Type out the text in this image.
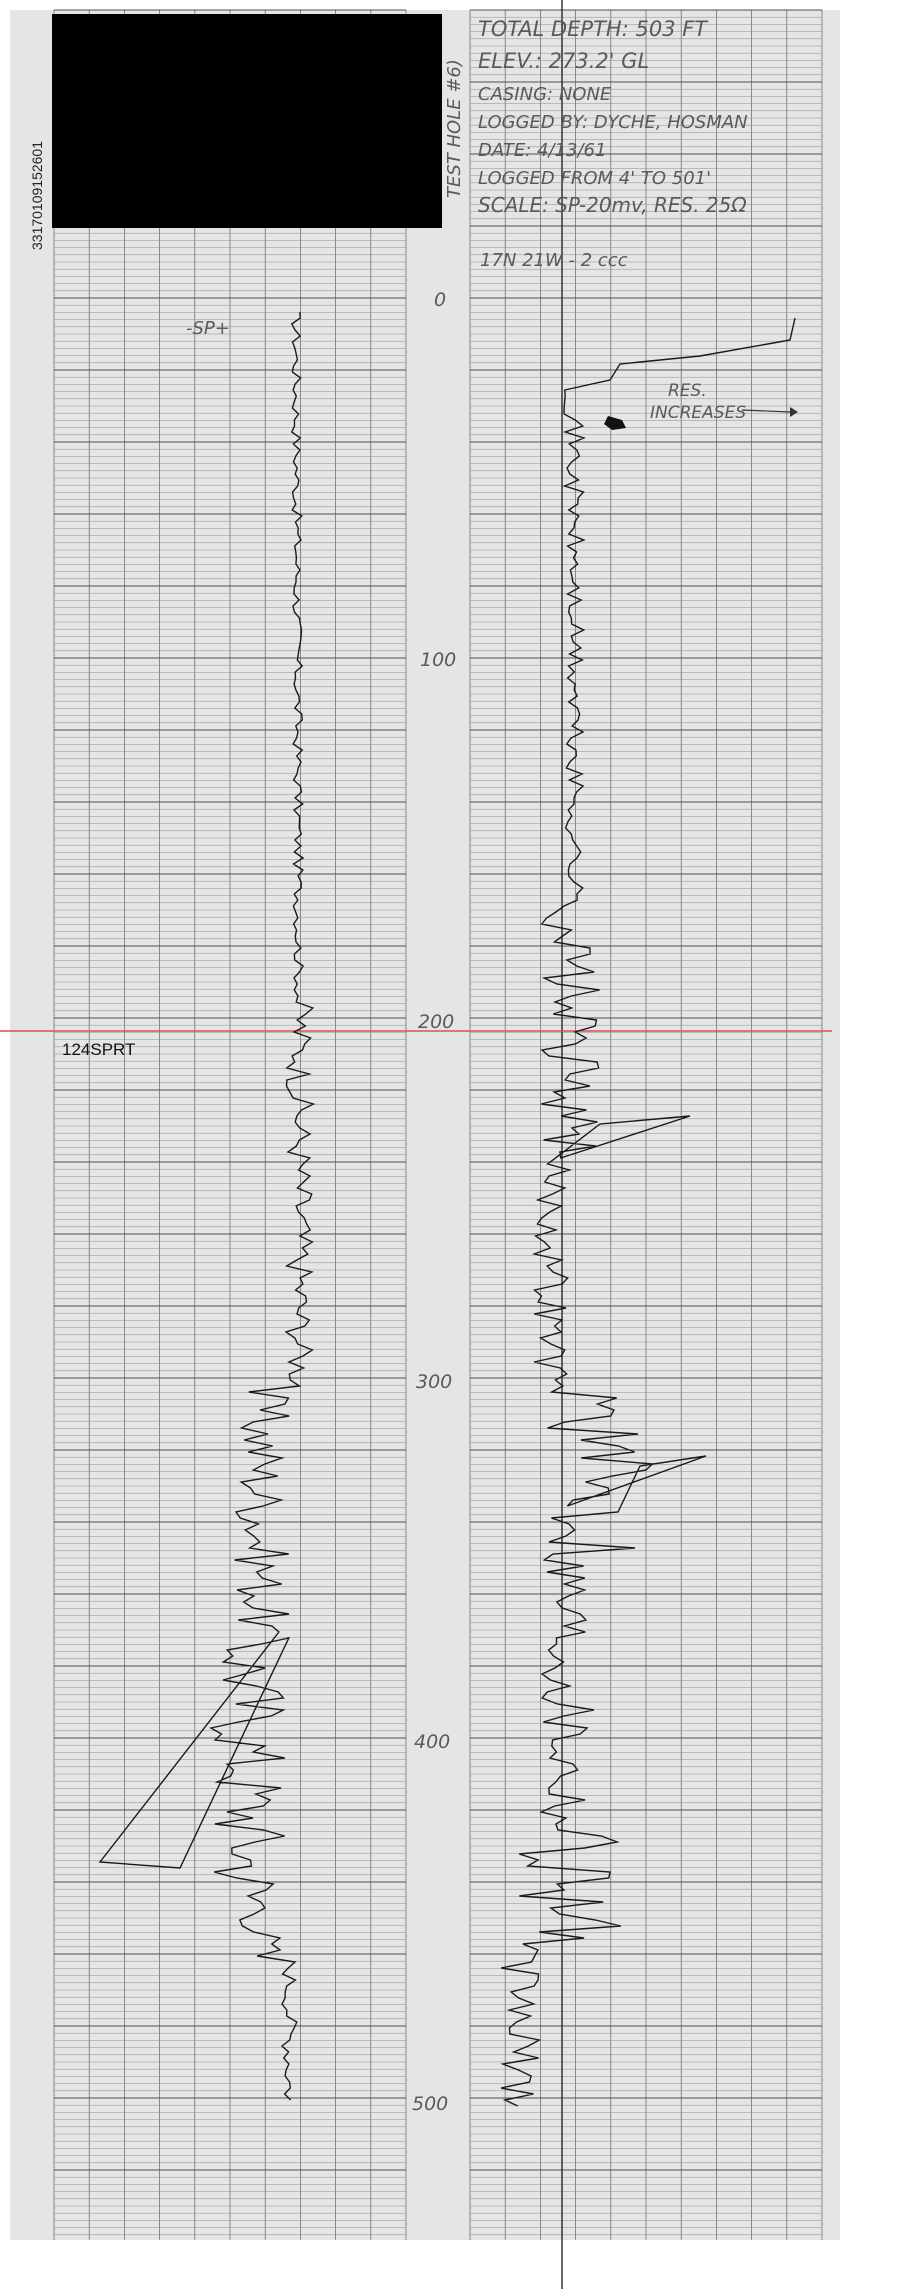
TOTAL DEPTH: 503 FT
ELEV.: 273.2' GL
CASING: NONE
LOGGED BY: DYCHE, HOSMAN
DATE: 4/13/61
LOGGED FROM 4' TO 501'
SCALE: SP-20mv, RES. 25Ω
17N 21W - 2 ccc
TEST HOLE #6)
33170109152601
-SP+
RES.
INCREASES
0
100
200
300
400
500
124SPRT
